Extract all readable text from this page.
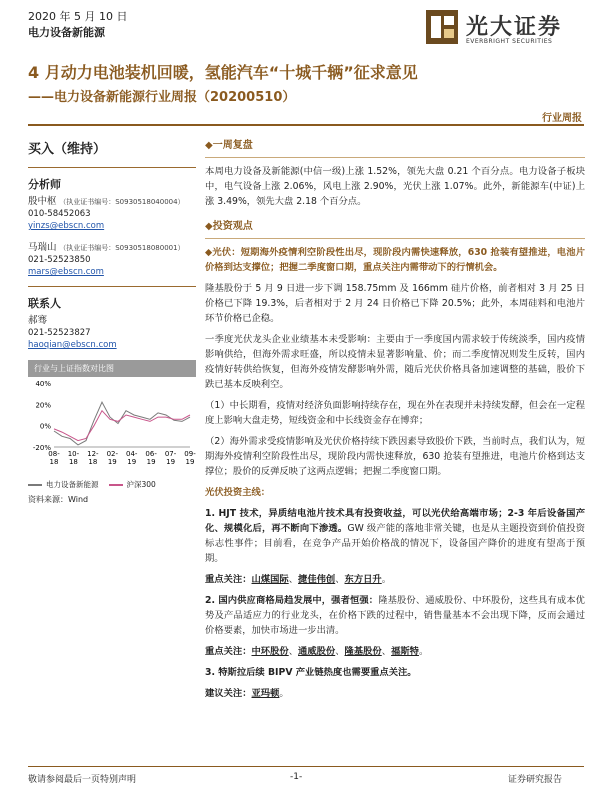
2020 年 5 月 10 日
电力设备新能源	光大证券
EVERBRIGHT SECURITIES
4 月动力电池装机回暖，氢能汽车“十城千辆”征求意见
——电力设备新能源行业周报（20200510）
行业周报
买入（维持）
分析师
殷中枢 （执业证书编号：S0930518040004）
010-58452063
yinzs@ebscn.com
马瑞山 （执业证书编号：S0930518080001）
021-52523850
mars@ebscn.com
联系人
郝骞
021-52523827
haoqian@ebscn.com
行业与上证指数对比图
40%
20%
0%
-20%
08-
18
10-
18
12-
18
02-
19
04-
19
06-
19
07-
19
09-
19
电力设备新能源	沪深300
资料来源：Wind
◆一周复盘

本周电力设备及新能源(中信一级)上涨 1.52%，领先大盘 0.21 个百分点。电力设备子板块中，电气设备上涨 2.06%，风电上涨 2.90%，光伏上涨 1.07%。此外，新能源车(中证)上涨 3.49%，领先大盘 2.18 个百分点。

◆投资观点

◆光伏：短期海外疫情利空阶段性出尽，现阶段内需快速释放，630 抢装有望推进，电池片价格到达支撑位；把握二季度窗口期，重点关注内需带动下的行情机会。

隆基股份于 5 月 9 日进一步下调 158.75mm 及 166mm 硅片价格，前者相对 3 月 25 日价格已下降 19.3%，后者相对于 2 月 24 日价格已下降 20.5%；此外，本周硅料和电池片环节价格已企稳。

一季度光伏龙头企业业绩基本未受影响：主要由于一季度国内需求较于传统淡季，国内疫情影响供给，但海外需求旺盛，所以疫情未显著影响量、价；而二季度情况则发生反转，国内疫情好转供给恢复，但海外疫情发酵影响外需，随后光伏价格具备加速调整的基础，股价下跌已基本反映利空。

（1）中长期看，疫情对经济负面影响持续存在，现在外在表现并未持续发酵，但会在一定程度上影响大盘走势，短线资金和中长线资金存在博弈；

（2）海外需求受疫情影响及光伏价格持续下跌因素导致股价下跌，当前时点，我们认为，短期海外疫情利空阶段性出尽，现阶段内需快速释放，630 抢装有望推进，电池片价格到达支撑位；股价的反弹反映了这两点逻辑；把握二季度窗口期。

光伏投资主线：

1. HJT 技术，异质结电池片技术具有投资收益，可以光伏给高端市场；2-3 年后设备国产化、规模化后，再不断向下渗透。GW 级产能的落地非常关键，也是从主题投资到价值投资标志性事件；目前看，在竞争产品开始价格战的情况下，设备国产降价的进度有望高于预期。

重点关注：山煤国际、捷佳伟创、东方日升。

2. 国内供应商格局趋发展中，强者恒强：隆基股份、通威股份、中环股份，这些具有成本优势及产品适应力的行业龙头，在价格下跌的过程中，销售量基本不会出现下降，反而会通过价格要素，加快市场进一步出清。

重点关注：中环股份、通威股份、隆基股份、福斯特。

3. 特斯拉后续 BIPV 产业链热度也需要重点关注。

建议关注：亚玛顿。

敬请参阅最后一页特别声明	-1-	证券研究报告
